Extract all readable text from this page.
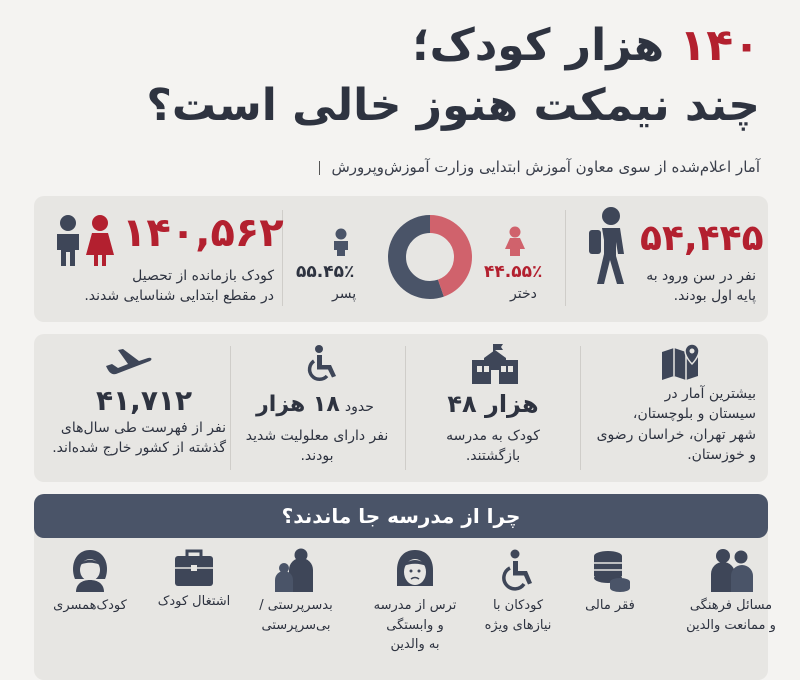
۱۴۰ هزار کودک؛
چند نیمکت هنوز خالی است؟
آمار اعلام‌شده از سوی معاون آموزش ابتدایی وزارت آموزش‌وپرورش
۱۴۰,۵۶۲
کودک بازمانده از تحصیل
در مقطع ابتدایی شناسایی شدند.
۵۵.۴۵٪
پسر
۴۴.۵۵٪
دختر
۵۴,۴۴۵
نفر در سن ورود به
پایه اول بودند.
۴۱,۷۱۲
نفر از فهرست طی سال‌های
گذشته از کشور خارج شده‌اند.
حدود ۱۸ هزار
نفر دارای معلولیت شدید
بودند.
۴۸ هزار
کودک به مدرسه
بازگشتند.
بیشترین آمار در
سیستان و بلوچستان،
شهر تهران، خراسان رضوی
و خوزستان.
چرا از مدرسه جا ماندند؟
مسائل فرهنگی
و ممانعت والدین
فقر مالی
کودکان با
نیازهای ویژه
ترس از مدرسه
و وابستگی
به والدین
بدسرپرستی /
بی‌سرپرستی
اشتغال کودک
کودک‌همسری
